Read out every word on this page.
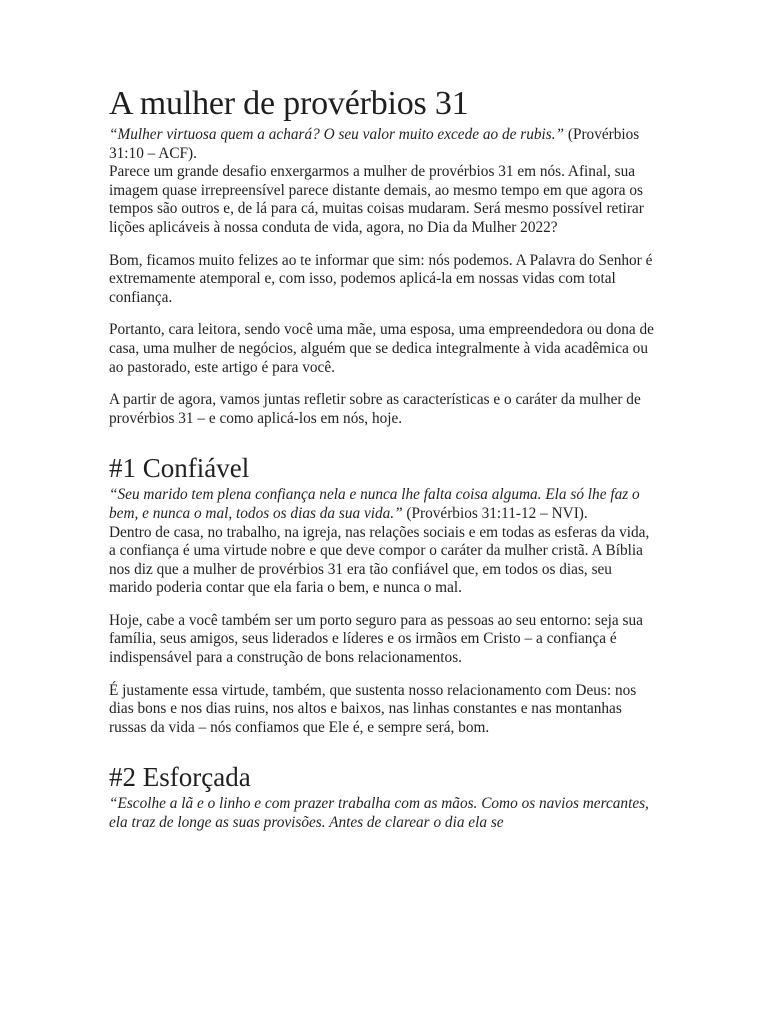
A mulher de provérbios 31

“Mulher virtuosa quem a achará? O seu valor muito excede ao de rubis.” (Provérbios 31:10 – ACF).

Parece um grande desafio enxergarmos a mulher de provérbios 31 em nós. Afinal, sua imagem quase irrepreensível parece distante demais, ao mesmo tempo em que agora os tempos são outros e, de lá para cá, muitas coisas mudaram. Será mesmo possível retirar lições aplicáveis à nossa conduta de vida, agora, no Dia da Mulher 2022?

Bom, ficamos muito felizes ao te informar que sim: nós podemos. A Palavra do Senhor é extremamente atemporal e, com isso, podemos aplicá-la em nossas vidas com total confiança.

Portanto, cara leitora, sendo você uma mãe, uma esposa, uma empreendedora ou dona de casa, uma mulher de negócios, alguém que se dedica integralmente à vida acadêmica ou ao pastorado, este artigo é para você.

A partir de agora, vamos juntas refletir sobre as características e o caráter da mulher de provérbios 31 – e como aplicá-los em nós, hoje.

#1 Confiável

“Seu marido tem plena confiança nela e nunca lhe falta coisa alguma. Ela só lhe faz o bem, e nunca o mal, todos os dias da sua vida.” (Provérbios 31:11-12 – NVI).

Dentro de casa, no trabalho, na igreja, nas relações sociais e em todas as esferas da vida, a confiança é uma virtude nobre e que deve compor o caráter da mulher cristã. A Bíblia nos diz que a mulher de provérbios 31 era tão confiável que, em todos os dias, seu marido poderia contar que ela faria o bem, e nunca o mal.

Hoje, cabe a você também ser um porto seguro para as pessoas ao seu entorno: seja sua família, seus amigos, seus liderados e líderes e os irmãos em Cristo – a confiança é indispensável para a construção de bons relacionamentos.

É justamente essa virtude, também, que sustenta nosso relacionamento com Deus: nos dias bons e nos dias ruins, nos altos e baixos, nas linhas constantes e nas montanhas russas da vida – nós confiamos que Ele é, e sempre será, bom.

#2 Esforçada

“Escolhe a lã e o linho e com prazer trabalha com as mãos. Como os navios mercantes, ela traz de longe as suas provisões. Antes de clarear o dia ela se
